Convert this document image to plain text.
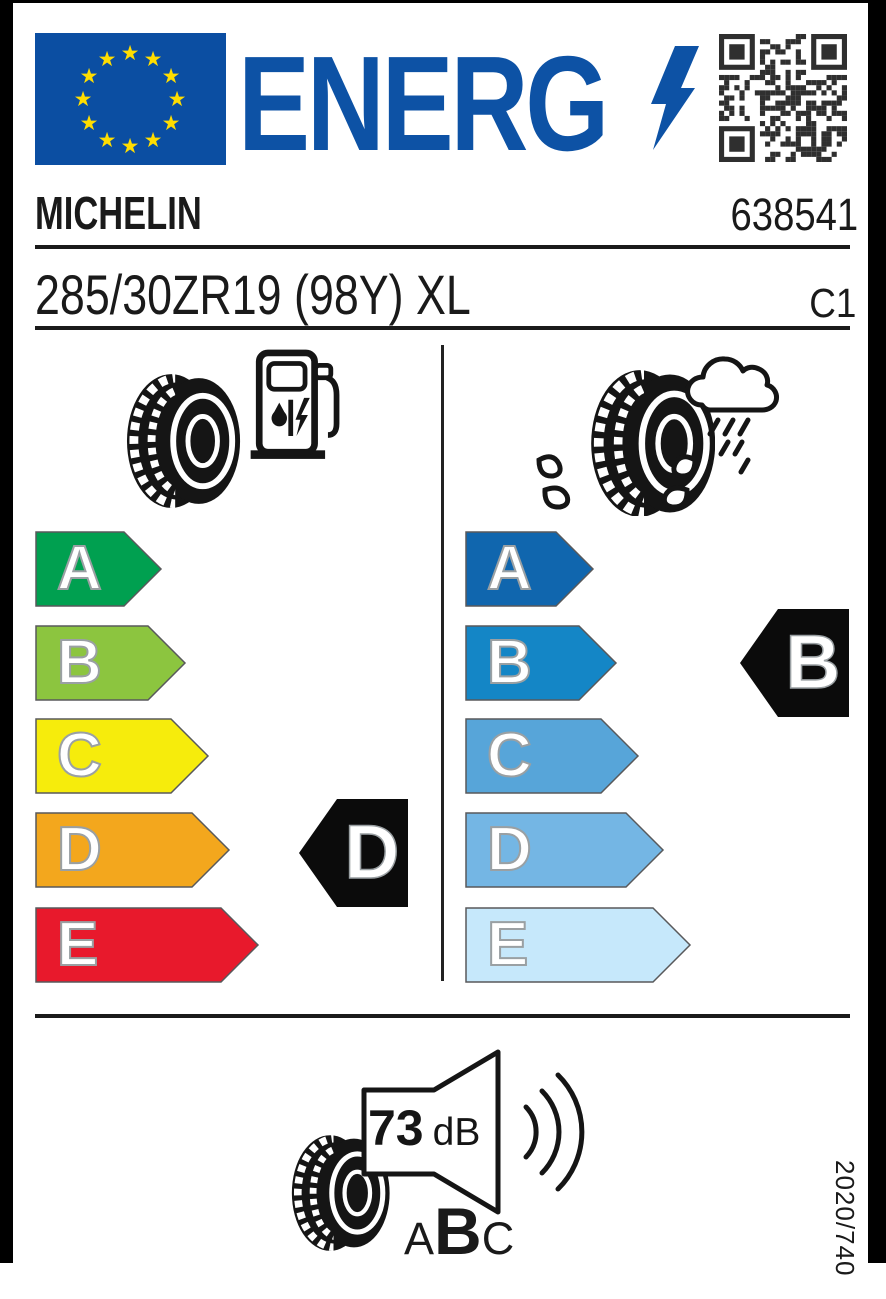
★ ★
★
★
★
★
★
★
★
★
★
★ ENERG
MICHELIN	638541
285/30ZR19 (98Y) XL	C1
A
B
C
D
E
A
B
C
D
E
D
B
73 dB
A B C	2020/740
